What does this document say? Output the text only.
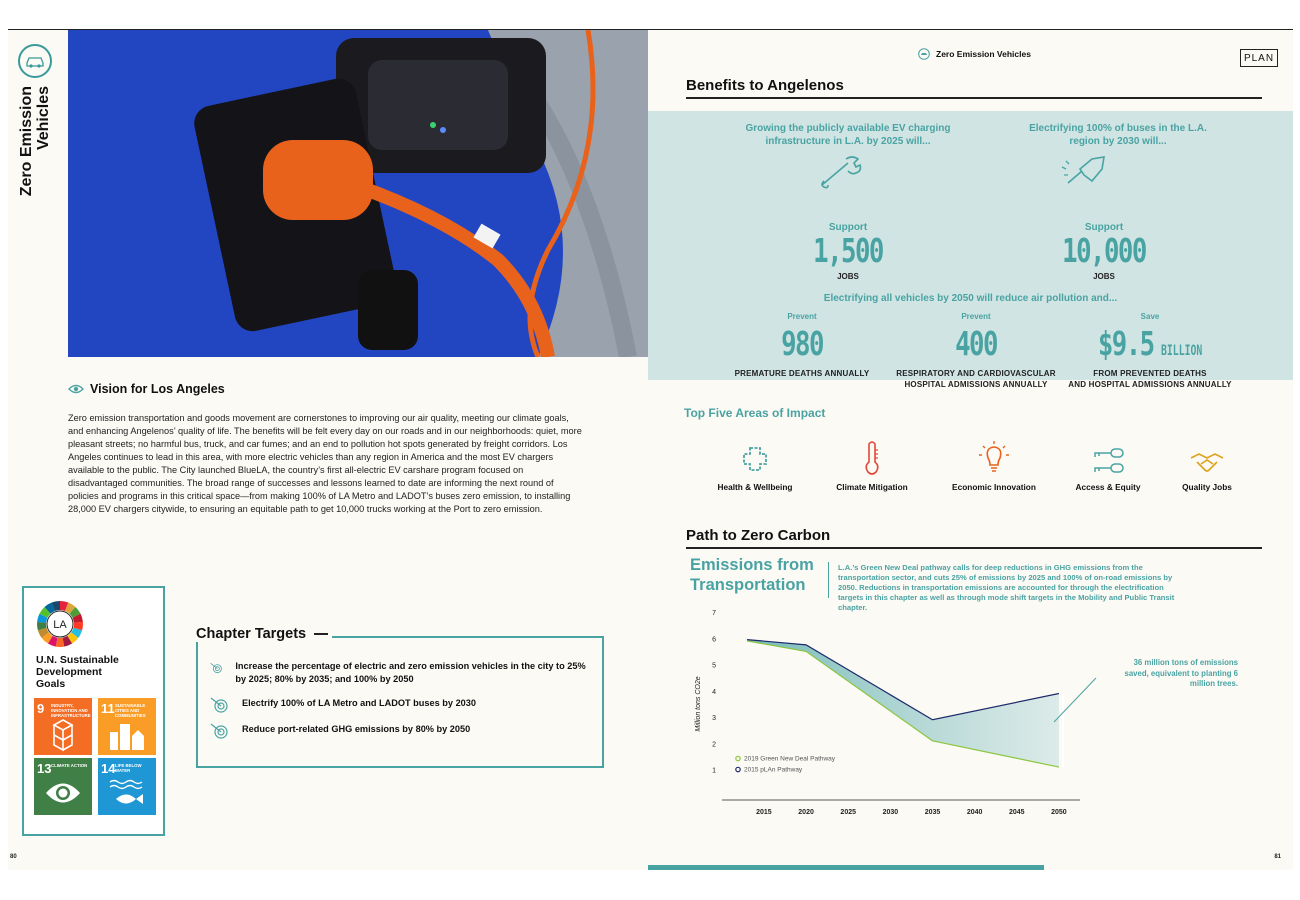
Zero Emission
Vehicles
Vision for Los Angeles

Zero emission transportation and goods movement are cornerstones to improving our air quality, meeting our climate goals, and enhancing Angelenos’ quality of life. The benefits will be felt every day on our roads and in our neighborhoods: quiet, more pleasant streets; no harmful bus, truck, and car fumes; and an end to pollution hot spots generated by freight corridors. Los Angeles continues to lead in this area, with more electric vehicles than any region in America and the most EV chargers available to the public. The City launched BlueLA, the country’s first all-electric EV carshare program focused on disadvantaged communities. The broad range of successes and lessons learned to date are informing the next round of policies and programs in this critical space—from making 100% of LA Metro and LADOT’s buses zero emission, to installing 28,000 EV chargers citywide, to ensuring an equitable path to get 10,000 trucks working at the Port to zero emission.

LA
U.N. Sustainable
Development
Goals
9 INDUSTRY, INNOVATION AND INFRASTRUCTURE 11 SUSTAINABLE CITIES AND COMMUNITIES
13 CLIMATE ACTION 14 LIFE BELOW WATER
Chapter Targets
Increase the percentage of electric and zero emission vehicles in the city to 25% by 2025; 80% by 2035; and 100% by 2050
Electrify 100% of LA Metro and LADOT buses by 2030
Reduce port-related GHG emissions by 80% by 2050
80
Zero Emission Vehicles	PLAN
Benefits to Angelenos
Growing the publicly available EV charging
infrastructure in L.A. by 2025 will...
Support
1,500
JOBS
Electrifying 100% of buses in the L.A.
region by 2030 will...
Support
10,000
JOBS
Electrifying all vehicles by 2050 will reduce air pollution and...
Prevent
980
PREMATURE DEATHS ANNUALLY
Prevent
400
RESPIRATORY AND CARDIOVASCULAR
HOSPITAL ADMISSIONS ANNUALLY
Save
$9.5 BILLION
FROM PREVENTED DEATHS
AND HOSPITAL ADMISSIONS ANNUALLY
Top Five Areas of Impact
Health & Wellbeing	Climate Mitigation	Economic Innovation	Access & Equity	Quality Jobs
Path to Zero Carbon
Emissions from
Transportation

L.A.’s Green New Deal pathway calls for deep reductions in GHG emissions from the transportation sector, and cuts 25% of emissions by 2025 and 100% of on-road emissions by 2050. Reductions in transportation emissions are accounted for through the electrification targets in this chapter as well as through mode shift targets in the Mobility and Public Transit chapter.

1
2
3
4
5
6
7
Million tons CO2e
2015	2020	2025	2030	2035	2040	2045	2050
2019 Green New Deal Pathway
2015 pLAn Pathway
36 million tons of emissions saved, equivalent to planting 6 million trees.
81
